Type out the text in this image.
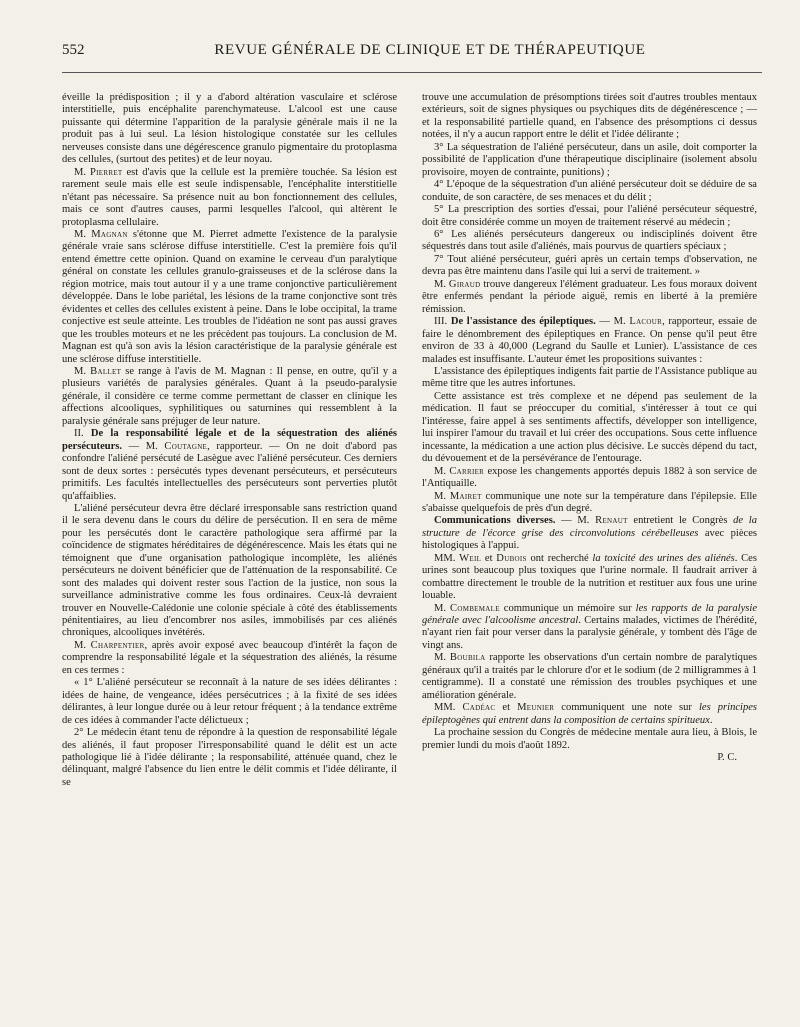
552	REVUE GÉNÉRALE DE CLINIQUE ET DE THÉRAPEUTIQUE

éveille la prédisposition ; il y a d'abord altération vasculaire et sclérose interstitielle, puis encéphalite parenchymateuse. L'alcool est une cause puissante qui détermine l'apparition de la paralysie générale mais il ne la produit pas à lui seul. La lésion histologique constatée sur les cellules nerveuses consiste dans une dégérescence granulo pigmentaire du protoplasma des cellules, (surtout des petites) et de leur noyau.

M. Pierret est d'avis que la cellule est la première touchée. Sa lésion est rarement seule mais elle est seule indispensable, l'encéphalite interstitielle n'étant pas nécessaire. Sa présence nuit au bon fonctionnement des cellules, mais ce sont d'autres causes, parmi lesquelles l'alcool, qui altèrent le protoplasma cellulaire.

M. Magnan s'étonne que M. Pierret admette l'existence de la paralysie générale vraie sans sclérose diffuse interstitielle. C'est la première fois qu'il entend émettre cette opinion. Quand on examine le cerveau d'un paralytique général on constate les cellules granulo-graisseuses et de la sclérose dans la région motrice, mais tout autour il y a une trame conjonctive particulièrement développée. Dans le lobe pariétal, les lésions de la trame conjonctive sont très évidentes et celles des cellules existent à peine. Dans le lobe occipital, la trame conjective est seule atteinte. Les troubles de l'idéation ne sont pas aussi graves que les troubles moteurs et ne les précèdent pas toujours. La conclusion de M. Magnan est qu'à son avis la lésion caractéristique de la paralysie générale est une sclérose diffuse interstitielle.

M. Ballet se range à l'avis de M. Magnan : Il pense, en outre, qu'il y a plusieurs variétés de paralysies générales. Quant à la pseudo-paralysie générale, il considère ce terme comme permettant de classer en clinique les affections alcooliques, syphilitiques ou saturnines qui ressemblent à la paralysie générale sans préjuger de leur nature.

II. De la responsabilité légale et de la séquestration des aliénés persécuteurs. — M. Coutagne, rapporteur. — On ne doit d'abord pas confondre l'aliéné persécuté de Lasègue avec l'aliéné persécuteur. Ces derniers sont de deux sortes : persécutés types devenant persécuteurs, et persécuteurs primitifs. Les facultés intellectuelles des persécuteurs sont perverties plutôt qu'affaiblies.

L'aliéné persécuteur devra être déclaré irresponsable sans restriction quand il le sera devenu dans le cours du délire de persécution. Il en sera de même pour les persécutés dont le caractère pathologique sera affirmé par la coïncidence de stigmates héréditaires de dégénérescence. Mais les états qui ne témoignent que d'une organisation pathologique incomplète, les aliénés persécuteurs ne doivent bénéficier que de l'atténuation de la responsabilité. Ce sont des malades qui doivent rester sous l'action de la justice, non sous la surveillance administrative comme les fous ordinaires. Ceux-là devraient trouver en Nouvelle-Calédonie une colonie spéciale à côté des établissements pénitentiaires, au lieu d'encombrer nos asiles, immobilisés par ces aliénés chroniques, alcooliques invétérés.

M. Charpentier, après avoir exposé avec beaucoup d'intérêt la façon de comprendre la responsabilité légale et la séquestration des aliénés, la résume en ces termes :

« 1° L'aliéné persécuteur se reconnaît à la nature de ses idées délirantes : idées de haine, de vengeance, idées persécutrices ; à la fixité de ses idées délirantes, à leur longue durée ou à leur retour fréquent ; à la tendance extrême de ces idées à commander l'acte délictueux ;

2° Le médecin étant tenu de répondre à la question de responsabilité légale des aliénés, il faut proposer l'irresponsabilité quand le délit est un acte pathologique lié à l'idée délirante ; la responsabilité, atténuée quand, chez le délinquant, malgré l'absence du lien entre le délit commis et l'idée délirante, il se

trouve une accumulation de présomptions tirées soit d'autres troubles mentaux extérieurs, soit de signes physiques ou psychiques dits de dégénérescence ; — et la responsabilité partielle quand, en l'absence des présomptions ci dessus notées, il n'y a aucun rapport entre le délit et l'idée délirante ;

3° La séquestration de l'aliéné persécuteur, dans un asile, doit comporter la possibilité de l'application d'une thérapeutique disciplinaire (isolement absolu provisoire, moyen de contrainte, punitions) ;

4° L'époque de la séquestration d'un aliéné persécuteur doit se déduire de sa conduite, de son caractère, de ses menaces et du délit ;

5° La prescription des sorties d'essai, pour l'aliéné persécuteur séquestré, doit être considérée comme un moyen de traitement réservé au médecin ;

6° Les aliénés persécuteurs dangereux ou indisciplinés doivent être séquestrés dans tout asile d'aliénés, mais pourvus de quartiers spéciaux ;

7° Tout aliéné persécuteur, guéri après un certain temps d'observation, ne devra pas être maintenu dans l'asile qui lui a servi de traitement. »

M. Giraud trouve dangereux l'élément graduateur. Les fous moraux doivent être enfermés pendant la période aiguë, remis en liberté à la première rémission.

III. De l'assistance des épileptiques. — M. Lacour, rapporteur, essaie de faire le dénombrement des épileptiques en France. On pense qu'il peut être environ de 33 à 40,000 (Legrand du Saulle et Lunier). L'assistance de ces malades est insuffisante. L'auteur émet les propositions suivantes :

L'assistance des épileptiques indigents fait partie de l'Assistance publique au même titre que les autres infortunes.

Cette assistance est très complexe et ne dépend pas seulement de la médication. Il faut se préoccuper du comitial, s'intéresser à tout ce qui l'intéresse, faire appel à ses sentiments affectifs, développer son intelligence, lui inspirer l'amour du travail et lui créer des occupations. Sous cette influence incessante, la médication a une action plus décisive. Le succès dépend du tact, du dévouement et de la persévérance de l'entourage.

M. Carrier expose les changements apportés depuis 1882 à son service de l'Antiquaille.

M. Mairet communique une note sur la température dans l'épilepsie. Elle s'abaisse quelquefois de près d'un degré.

Communications diverses. — M. Renaut entretient le Congrès de la structure de l'écorce grise des circonvolutions cérébelleuses avec pièces histologiques à l'appui.

MM. Weil et Dubois ont recherché la toxicité des urines des aliénés. Ces urines sont beaucoup plus toxiques que l'urine normale. Il faudrait arriver à combattre directement le trouble de la nutrition et restituer aux fous une urine louable.

M. Combemale communique un mémoire sur les rapports de la paralysie générale avec l'alcoolisme ancestral. Certains malades, victimes de l'hérédité, n'ayant rien fait pour verser dans la paralysie générale, y tombent dès l'âge de vingt ans.

M. Boubila rapporte les observations d'un certain nombre de paralytiques généraux qu'il a traités par le chlorure d'or et le sodium (de 2 milligrammes à 1 centigramme). Il a constaté une rémission des troubles psychiques et une amélioration générale.

MM. Cadéac et Meunier communiquent une note sur les principes épileptogènes qui entrent dans la composition de certains spiritueux.

La prochaine session du Congrès de médecine mentale aura lieu, à Blois, le premier lundi du mois d'août 1892.

P. C.
